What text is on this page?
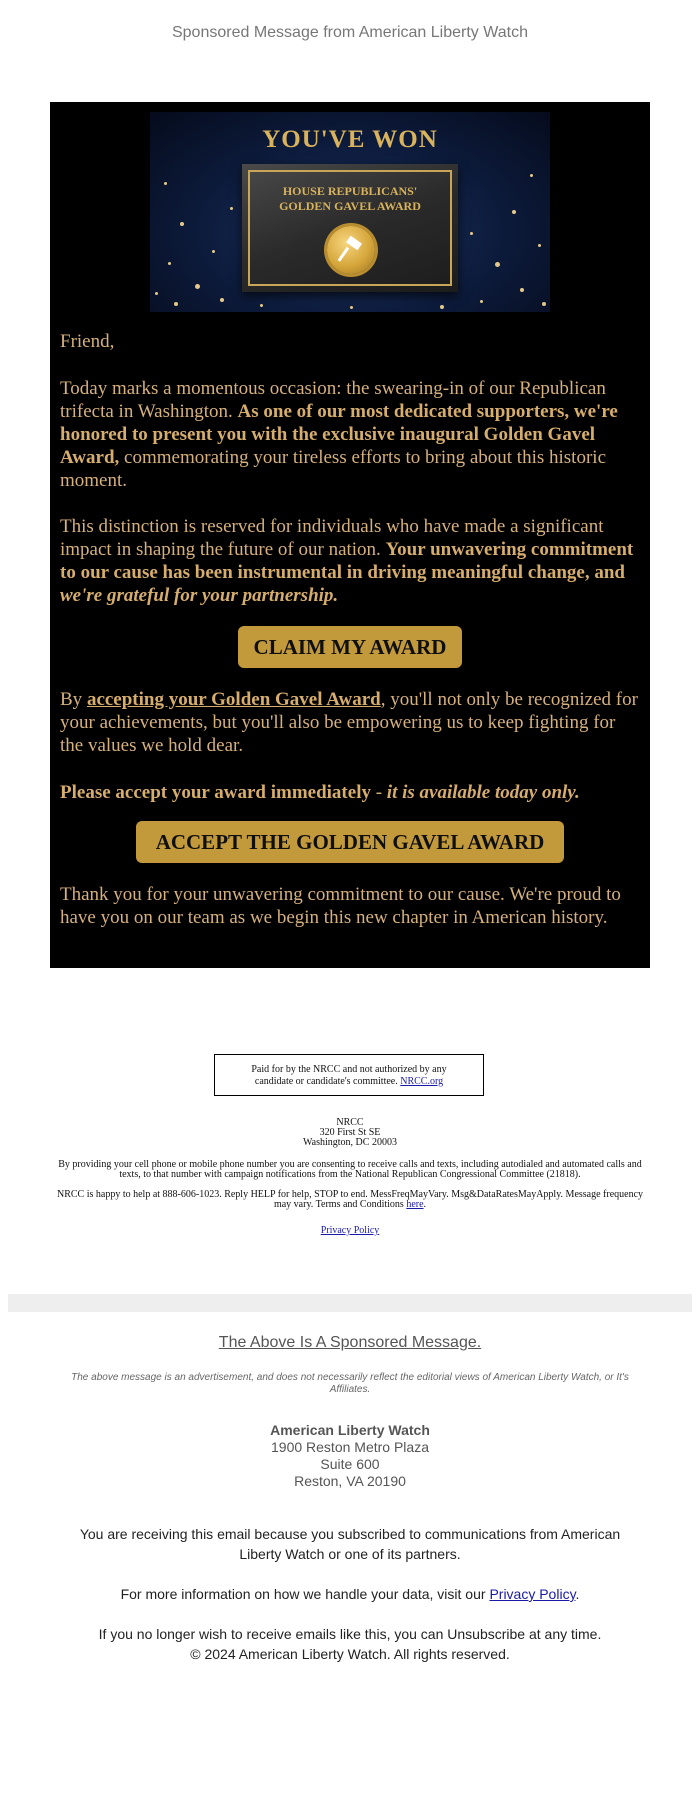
Sponsored Message from American Liberty Watch
YOU'VE WON
HOUSE REPUBLICANS'
GOLDEN GAVEL AWARD
Friend,
Today marks a momentous occasion: the swearing-in of our Republican trifecta in Washington. As one of our most dedicated supporters, we're honored to present you with the exclusive inaugural Golden Gavel Award, commemorating your tireless efforts to bring about this historic moment.
This distinction is reserved for individuals who have made a significant impact in shaping the future of our nation. Your unwavering commitment to our cause has been instrumental in driving meaningful change, and we're grateful for your partnership.
CLAIM MY AWARD
By accepting your Golden Gavel Award, you'll not only be recognized for your achievements, but you'll also be empowering us to keep fighting for the values we hold dear.
Please accept your award immediately - it is available today only.
ACCEPT THE GOLDEN GAVEL AWARD
Thank you for your unwavering commitment to our cause. We're proud to have you on our team as we begin this new chapter in American history.
Paid for by the NRCC and not authorized by any
candidate or candidate's committee. NRCC.org
NRCC
320 First St SE
Washington, DC 20003
By providing your cell phone or mobile phone number you are consenting to receive calls and texts, including autodialed and automated calls and texts, to that number with campaign notifications from the National Republican Congressional Committee (21818).
NRCC is happy to help at 888-606-1023. Reply HELP for help, STOP to end. MessFreqMayVary. Msg&DataRatesMayApply. Message frequency may vary. Terms and Conditions here.
Privacy Policy
The Above Is A Sponsored Message.
The above message is an advertisement, and does not necessarily reflect the editorial views of American Liberty Watch, or It's Affiliates.
American Liberty Watch
1900 Reston Metro Plaza
Suite 600
Reston, VA 20190
You are receiving this email because you subscribed to communications from American Liberty Watch or one of its partners.
For more information on how we handle your data, visit our Privacy Policy.
If you no longer wish to receive emails like this, you can Unsubscribe at any time.
© 2024 American Liberty Watch. All rights reserved.
